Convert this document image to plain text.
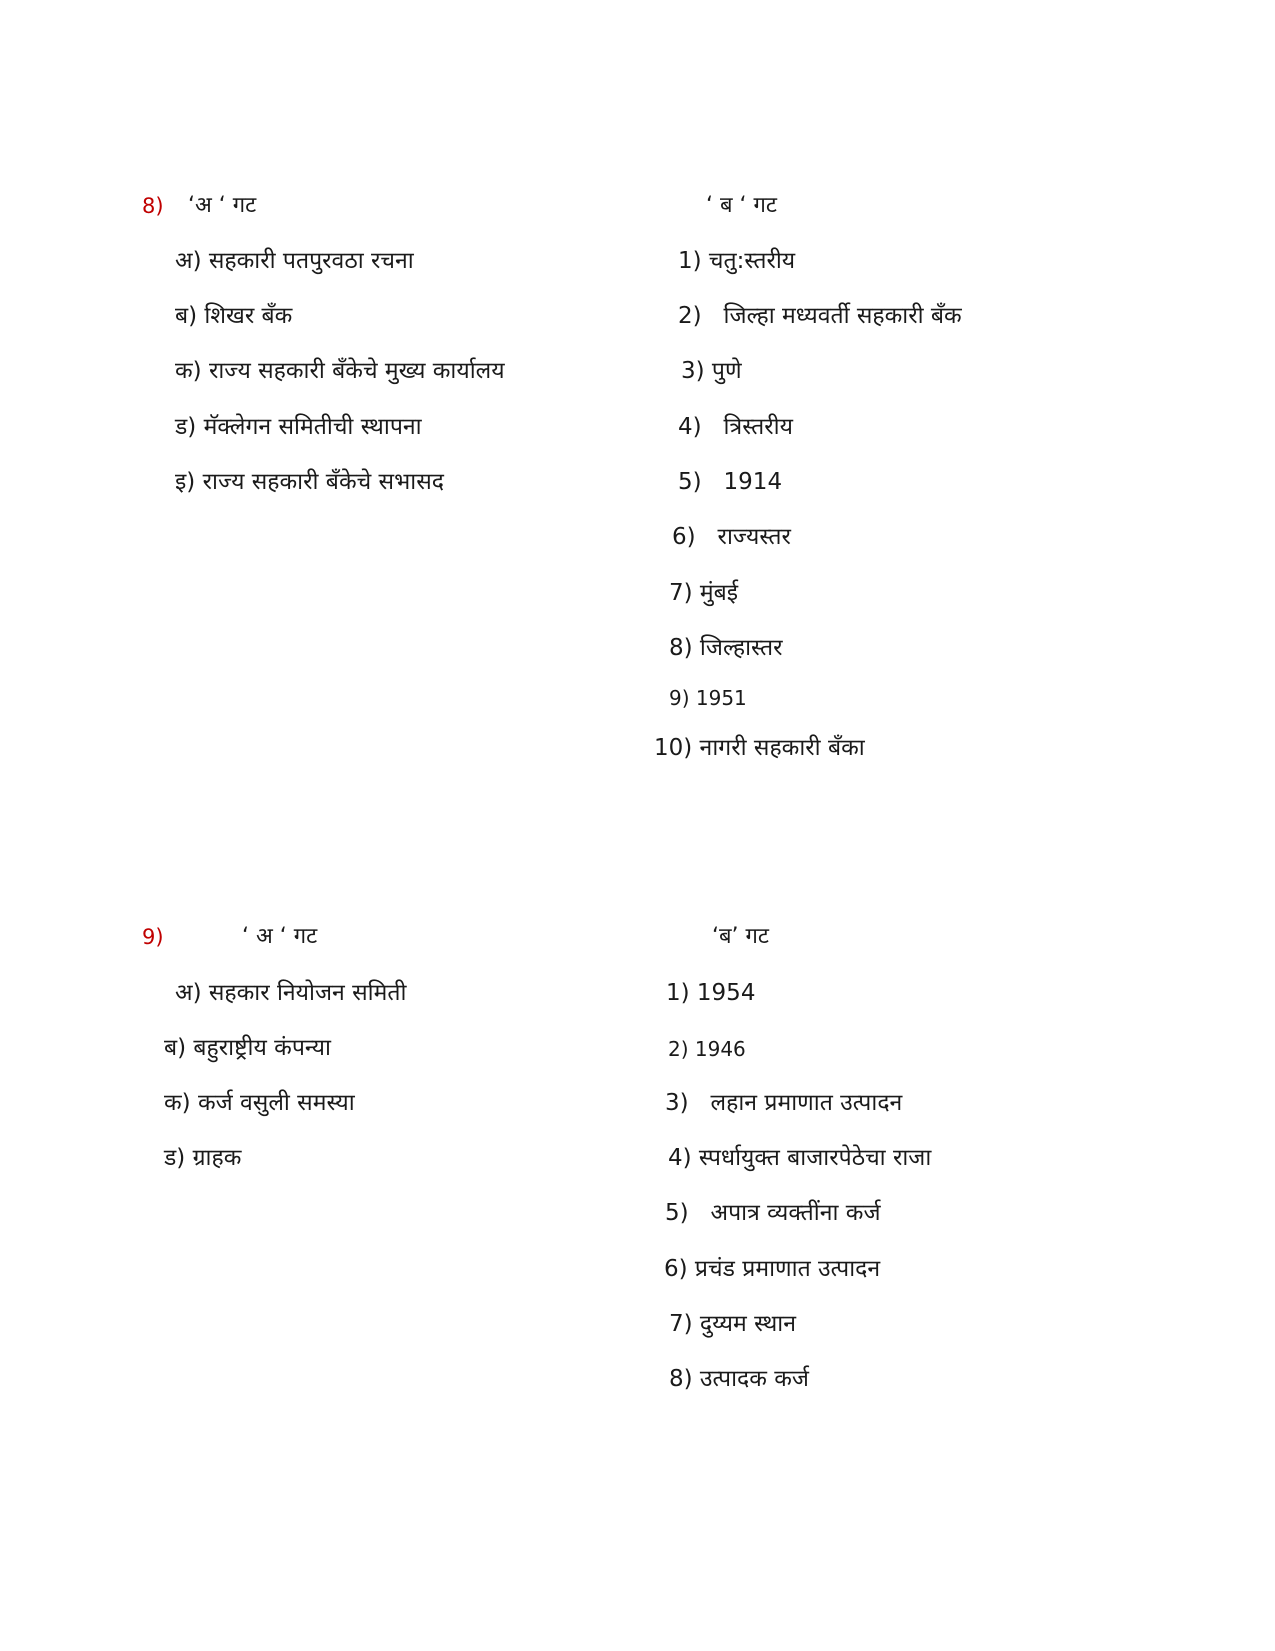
8) ‘अ ‘ गट	‘ ब ‘ गट
अ) सहकारी पतपुरवठा रचना
ब) शिखर बँक
क) राज्य सहकारी बँकेचे मुख्य कार्यालय
ड) मॅक्लेगन समितीची स्थापना
इ) राज्य सहकारी बँकेचे सभासद
1) चतु:स्तरीय
2)   जिल्हा मध्यवर्ती सहकारी बँक
3) पुणे
4)   त्रिस्तरीय
5)   1914
6)   राज्यस्तर
7) मुंबई
8) जिल्हास्तर
9) 1951
10) नागरी सहकारी बँका
9)	‘ अ ‘ गट	‘ब’ गट
अ) सहकार नियोजन समिती
ब) बहुराष्ट्रीय कंपन्या
क) कर्ज वसुली समस्या
ड) ग्राहक
1) 1954
2) 1946
3)   लहान प्रमाणात उत्पादन
4) स्पर्धायुक्त बाजारपेठेचा राजा
5)   अपात्र व्यक्तींना कर्ज
6) प्रचंड प्रमाणात उत्पादन
7) दुय्यम स्थान
8) उत्पादक कर्ज
